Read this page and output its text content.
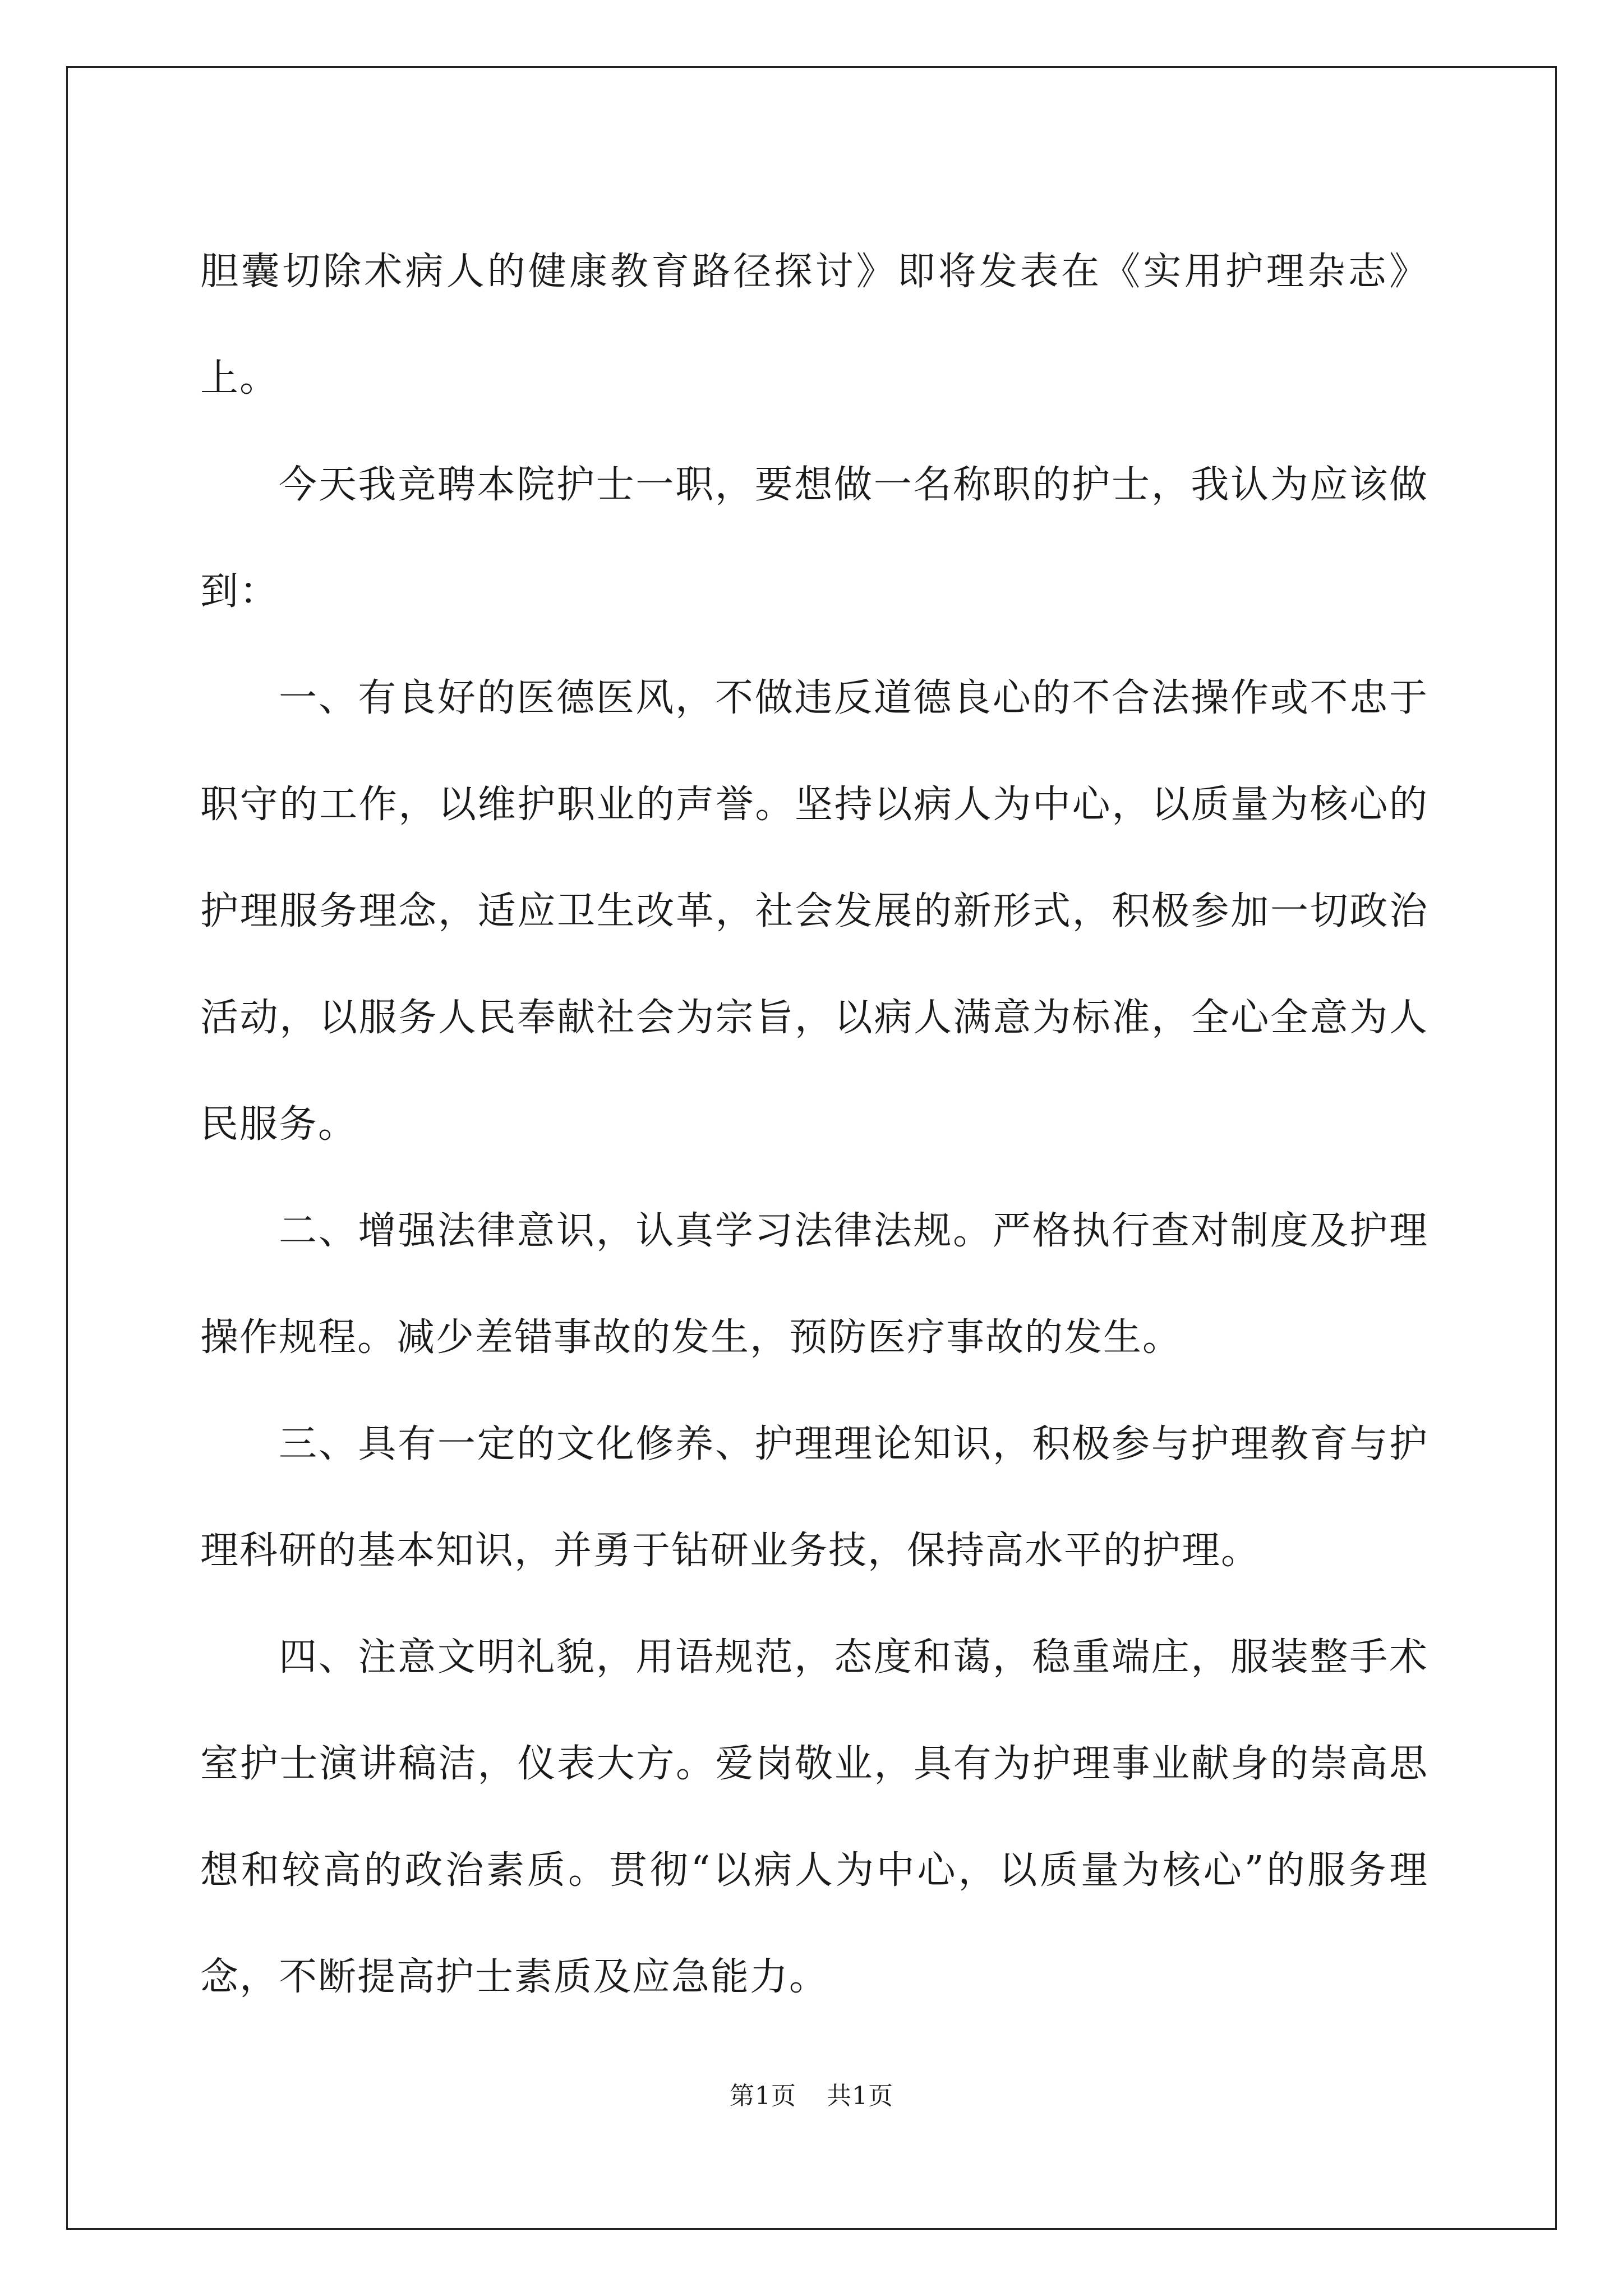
胆囊切除术病人的健康教育路径探讨》即将发表在《实用护理杂志》上。

今天我竞聘本院护士一职，要想做一名称职的护士，我认为应该做到：

一、有良好的医德医风，不做违反道德良心的不合法操作或不忠于职守的工作，以维护职业的声誉。坚持以病人为中心，以质量为核心的护理服务理念，适应卫生改革，社会发展的新形式，积极参加一切政治活动，以服务人民奉献社会为宗旨，以病人满意为标准，全心全意为人民服务。

二、增强法律意识，认真学习法律法规。严格执行查对制度及护理操作规程。减少差错事故的发生，预防医疗事故的发生。

三、具有一定的文化修养、护理理论知识，积极参与护理教育与护理科研的基本知识，并勇于钻研业务技，保持高水平的护理。

四、注意文明礼貌，用语规范，态度和蔼，稳重端庄，服装整手术室护士演讲稿洁，仪表大方。爱岗敬业，具有为护理事业献身的崇高思想和较高的政治素质。贯彻“以病人为中心，以质量为核心”的服务理念，不断提高护士素质及应急能力。

第1页 共1页
